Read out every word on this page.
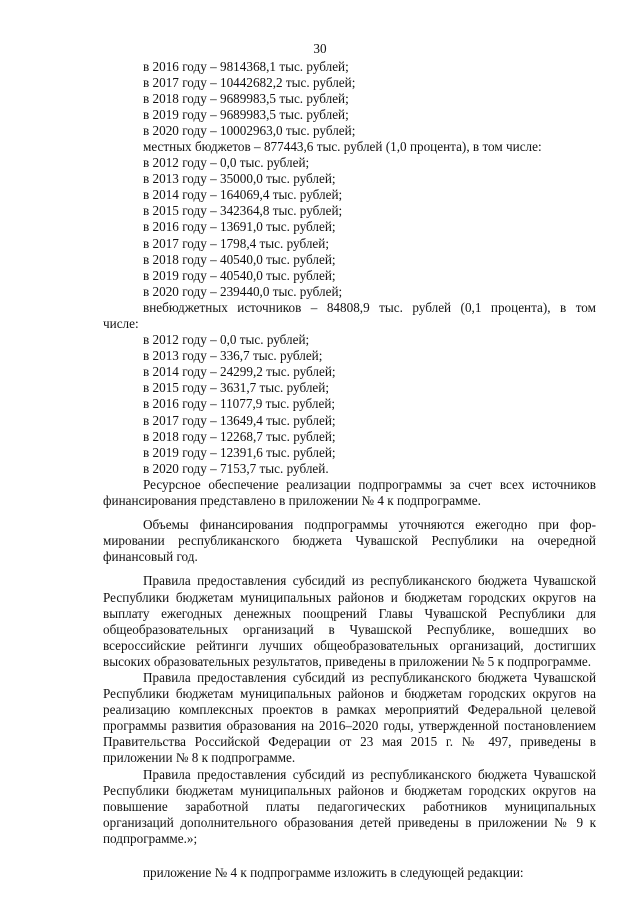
30
в 2016 году – 9814368,1 тыс. рублей;
в 2017 году – 10442682,2 тыс. рублей;
в 2018 году – 9689983,5 тыс. рублей;
в 2019 году – 9689983,5 тыс. рублей;
в 2020 году – 10002963,0 тыс. рублей;
местных бюджетов – 877443,6 тыс. рублей (1,0 процента), в том числе:
в 2012 году – 0,0 тыс. рублей;
в 2013 году – 35000,0 тыс. рублей;
в 2014 году – 164069,4 тыс. рублей;
в 2015 году – 342364,8 тыс. рублей;
в 2016 году – 13691,0 тыс. рублей;
в 2017 году – 1798,4 тыс. рублей;
в 2018 году – 40540,0 тыс. рублей;
в 2019 году – 40540,0 тыс. рублей;
в 2020 году – 239440,0 тыс. рублей;
внебюджетных источников – 84808,9 тыс. рублей (0,1 процента), в том
числе:
в 2012 году – 0,0 тыс. рублей;
в 2013 году – 336,7 тыс. рублей;
в 2014 году – 24299,2 тыс. рублей;
в 2015 году – 3631,7 тыс. рублей;
в 2016 году – 11077,9 тыс. рублей;
в 2017 году – 13649,4 тыс. рублей;
в 2018 году – 12268,7 тыс. рублей;
в 2019 году – 12391,6 тыс. рублей;
в 2020 году – 7153,7 тыс. рублей.
Ресурсное обеспечение реализации подпрограммы за счет всех источников финансирования представлено в приложении № 4 к подпрограмме.
Объемы финансирования подпрограммы уточняются ежегодно при формировании республиканского бюджета Чувашской Республики на очередной финансовый год.
Правила предоставления субсидий из республиканского бюджета Чувашской Республики бюджетам муниципальных районов и бюджетам городских округов на выплату ежегодных денежных поощрений Главы Чувашской Республики для общеобразовательных организаций в Чувашской Республике, вошедших во всероссийские рейтинги лучших общеобразовательных организаций, достигших высоких образовательных результатов, приведены в приложении № 5 к подпрограмме.
Правила предоставления субсидий из республиканского бюджета Чувашской Республики бюджетам муниципальных районов и бюджетам городских округов на реализацию комплексных проектов в рамках мероприятий Федеральной целевой программы развития образования на 2016–2020 годы, утвержденной постановлением Правительства Российской Федерации от 23 мая 2015 г. № 497, приведены в приложении № 8 к подпрограмме.
Правила предоставления субсидий из республиканского бюджета Чувашской Республики бюджетам муниципальных районов и бюджетам городских округов на повышение заработной платы педагогических работников муниципальных организаций дополнительного образования детей приведены в приложении № 9 к подпрограмме.»;
приложение № 4 к подпрограмме изложить в следующей редакции:
